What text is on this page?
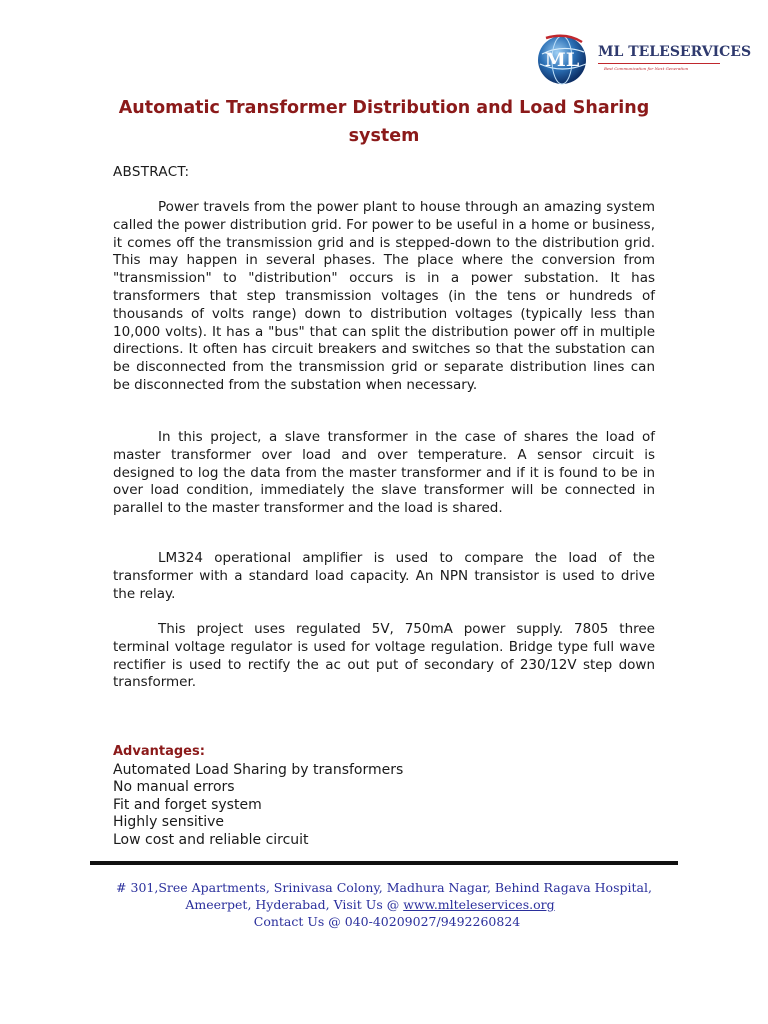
ML ML TELESERVICES
Best Communication for Next Generation
Automatic Transformer Distribution and Load Sharing system
ABSTRACT:

Power travels from the power plant to house through an amazing system called the power distribution grid. For power to be useful in a home or business, it comes off the transmission grid and is stepped-down to the distribution grid. This may happen in several phases. The place where the conversion from "transmission" to "distribution" occurs is in a power substation. It has transformers that step transmission voltages (in the tens or hundreds of thousands of volts range) down to distribution voltages (typically less than 10,000 volts). It has a "bus" that can split the distribution power off in multiple directions. It often has circuit breakers and switches so that the substation can be disconnected from the transmission grid or separate distribution lines can be disconnected from the substation when necessary.

In this project, a slave transformer in the case of shares the load of master transformer over load and over temperature. A sensor circuit is designed to log the data from the master transformer and if it is found to be in over load condition, immediately the slave transformer will be connected in parallel to the master transformer and the load is shared.

LM324 operational amplifier is used to compare the load of the transformer with a standard load capacity. An NPN transistor is used to drive the relay.

This project uses regulated 5V, 750mA power supply. 7805 three terminal voltage regulator is used for voltage regulation. Bridge type full wave rectifier is used to rectify the ac out put of secondary of 230/12V step down transformer.

Advantages:
Automated Load Sharing by transformers
No manual errors
Fit and forget system
Highly sensitive
Low cost and reliable circuit
# 301,Sree Apartments, Srinivasa Colony, Madhura Nagar, Behind Ragava Hospital,
Ameerpet, Hyderabad, Visit Us @ www.mlteleservices.org
Contact Us @ 040-40209027/9492260824
